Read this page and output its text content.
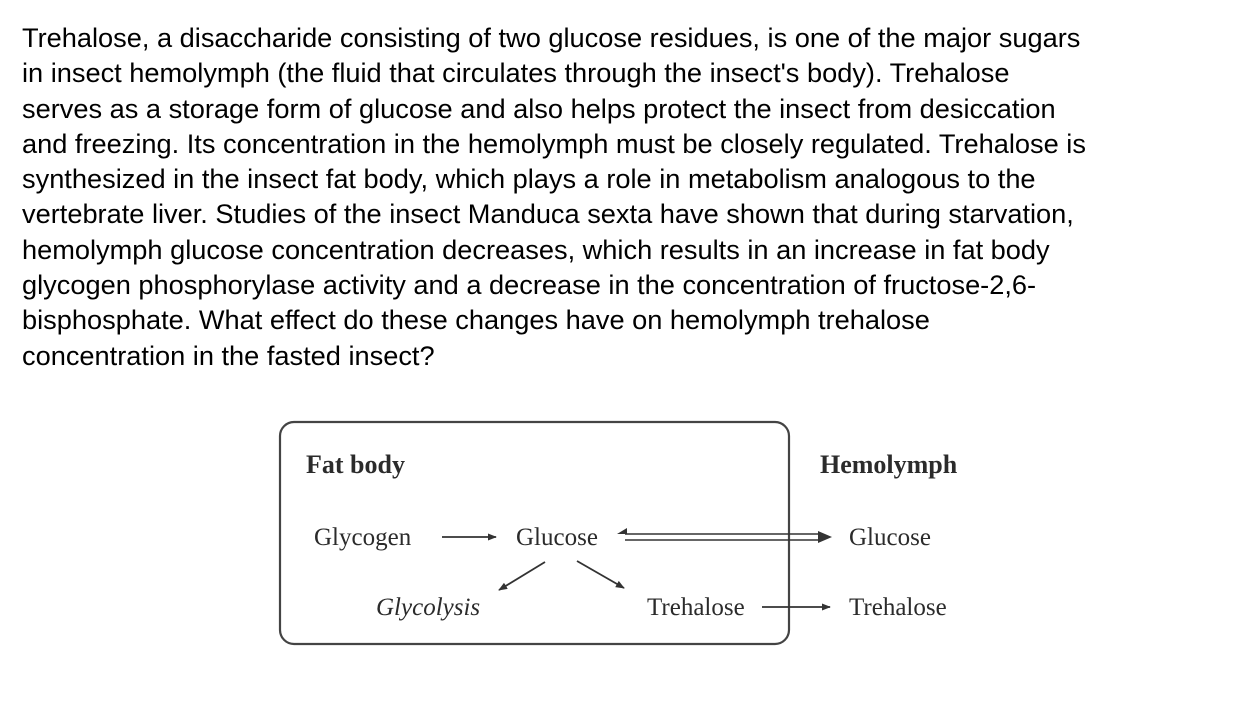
Trehalose, a disaccharide consisting of two glucose residues, is one of the major sugars
in insect hemolymph (the fluid that circulates through the insect's body). Trehalose
serves as a storage form of glucose and also helps protect the insect from desiccation
and freezing. Its concentration in the hemolymph must be closely regulated. Trehalose is
synthesized in the insect fat body, which plays a role in metabolism analogous to the
vertebrate liver. Studies of the insect Manduca sexta have shown that during starvation,
hemolymph glucose concentration decreases, which results in an increase in fat body
glycogen phosphorylase activity and a decrease in the concentration of fructose-2,6-
bisphosphate. What effect do these changes have on hemolymph trehalose
concentration in the fasted insect?
Fat body	Hemolymph
Glycogen	Glucose
Glycolysis	Trehalose
Glucose
Trehalose
